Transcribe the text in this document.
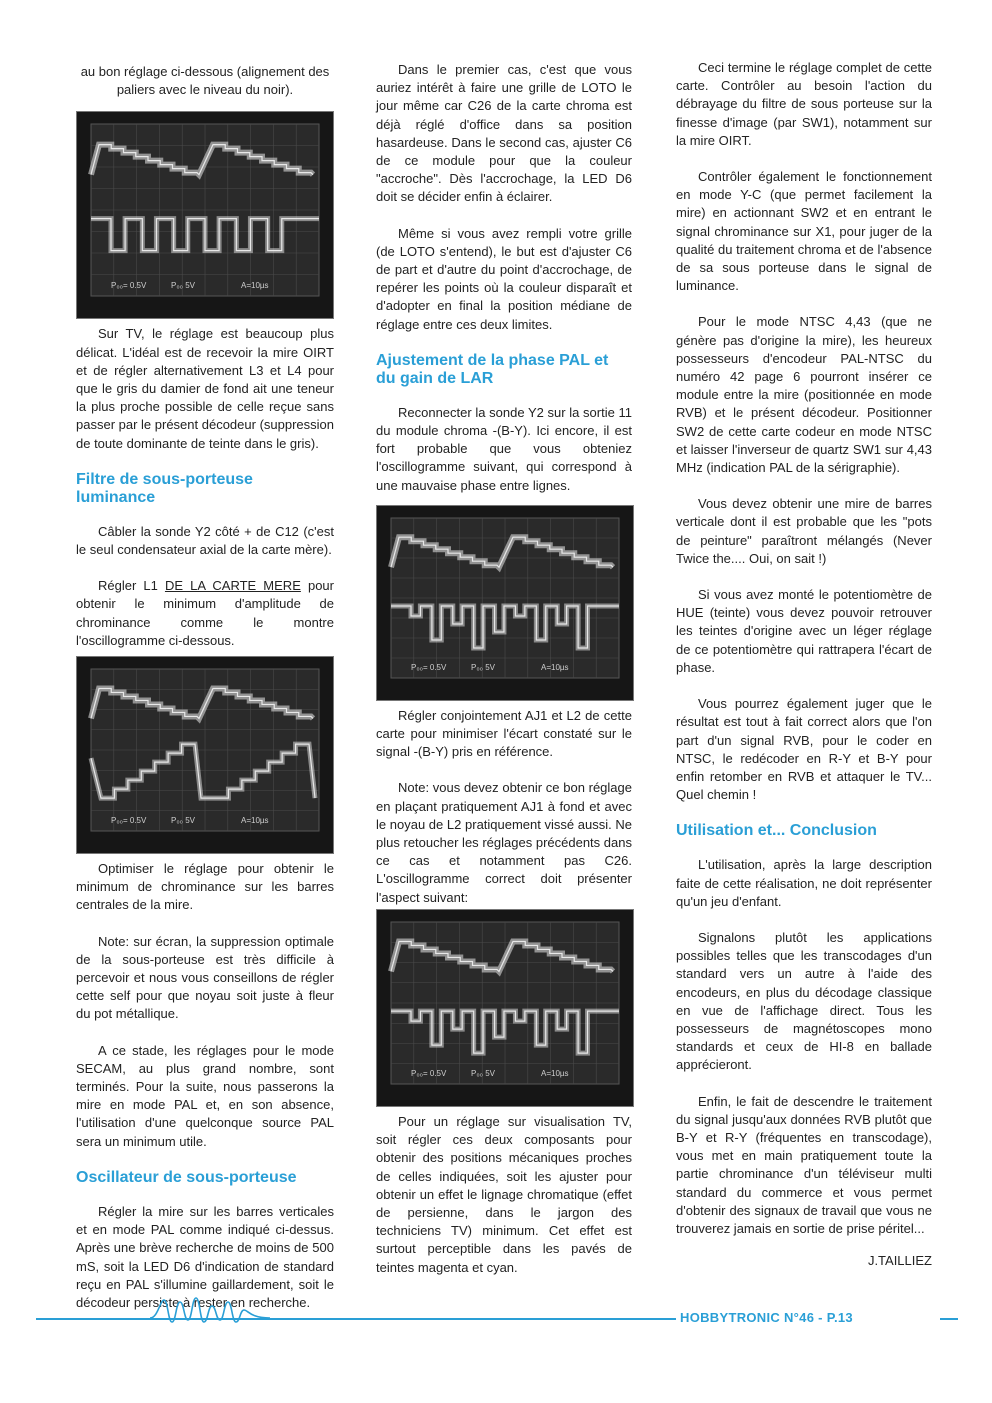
au bon réglage ci-dessous (alignement des paliers avec le niveau du noir).

P₀₀= 0.5V	P₀₀ 5V	A=10µs

Sur TV, le réglage est beaucoup plus délicat. L'idéal est de recevoir la mire OIRT et de régler alternativement L3 et L4 pour que le gris du damier de fond ait une teneur la plus proche possible de celle reçue sans passer par le présent décodeur (suppression de toute dominante de teinte dans le gris).

Filtre de sous-porteuse luminance

Câbler la sonde Y2 côté + de C12 (c'est le seul condensateur axial de la carte mère).

Régler L1 DE LA CARTE MERE pour obtenir le minimum d'amplitude de chrominance comme le montre l'oscillogramme ci-dessous.

P₀₀= 0.5V	P₀₀ 5V	A=10µs

Optimiser le réglage pour obtenir le minimum de chrominance sur les barres centrales de la mire.

Note: sur écran, la suppression optimale de la sous-porteuse est très difficile à percevoir et nous vous conseillons de régler cette self pour que noyau soit juste à fleur du pot métallique.

A ce stade, les réglages pour le mode SECAM, au plus grand nombre, sont terminés. Pour la suite, nous passerons la mire en mode PAL et, en son absence, l'utilisation d'une quelconque source PAL sera un minimum utile.

Oscillateur de sous-porteuse

Régler la mire sur les barres verticales et en mode PAL comme indiqué ci-dessus. Après une brève recherche de moins de 500 mS, soit la LED D6 d'indication de standard reçu en PAL s'illumine gaillardement, soit le décodeur persiste à rester en recherche.

Dans le premier cas, c'est que vous auriez intérêt à faire une grille de LOTO le jour même car C26 de la carte chroma est déjà réglé d'office dans sa position hasardeuse. Dans le second cas, ajuster C6 de ce module pour que la couleur "accroche". Dès l'accrochage, la LED D6 doit se décider enfin à éclairer.

Même si vous avez rempli votre grille (de LOTO s'entend), le but est d'ajuster C6 de part et d'autre du point d'accrochage, de repérer les points où la couleur disparaît et d'adopter en final la position médiane de réglage entre ces deux limites.

Ajustement de la phase PAL et du gain de LAR

Reconnecter la sonde Y2 sur la sortie 11 du module chroma -(B-Y). Ici encore, il est fort probable que vous obteniez l'oscillogramme suivant, qui correspond à une mauvaise phase entre lignes.

P₀₀= 0.5V	P₀₀ 5V	A=10µs

Régler conjointement AJ1 et L2 de cette carte pour minimiser l'écart constaté sur le signal -(B-Y) pris en référence.

Note: vous devez obtenir ce bon réglage en plaçant pratiquement AJ1 à fond et avec le noyau de L2 pratiquement vissé aussi. Ne plus retoucher les réglages précédents dans ce cas et notamment pas C26. L'oscillogramme correct doit présenter l'aspect suivant:

P₀₀= 0.5V	P₀₀ 5V	A=10µs

Pour un réglage sur visualisation TV, soit régler ces deux composants pour obtenir des positions mécaniques proches de celles indiquées, soit les ajuster pour obtenir un effet le lignage chromatique (effet de persienne, dans le jargon des techniciens TV) minimum. Cet effet est surtout perceptible dans les pavés de teintes magenta et cyan.

Ceci termine le réglage complet de cette carte. Contrôler au besoin l'action du débrayage du filtre de sous porteuse sur la finesse d'image (par SW1), notamment sur la mire OIRT.

Contrôler également le fonctionnement en mode Y-C (que permet facilement la mire) en actionnant SW2 et en entrant le signal chrominance sur X1, pour juger de la qualité du traitement chroma et de l'absence de sa sous porteuse dans le signal de luminance.

Pour le mode NTSC 4,43 (que ne génère pas d'origine la mire), les heureux possesseurs d'encodeur PAL-NTSC du numéro 42 page 6 pourront insérer ce module entre la mire (positionnée en mode RVB) et le présent décodeur. Positionner SW2 de cette carte codeur en mode NTSC et laisser l'inverseur de quartz SW1 sur 4,43 MHz (indication PAL de la sérigraphie).

Vous devez obtenir une mire de barres verticale dont il est probable que les "pots de peinture" paraîtront mélangés (Never Twice the.... Oui, on sait !)

Si vous avez monté le potentiomètre de HUE (teinte) vous devez pouvoir retrouver les teintes d'origine avec un léger réglage de ce potentiomètre qui rattrapera l'écart de phase.

Vous pourrez également juger que le résultat est tout à fait correct alors que l'on part d'un signal RVB, pour le coder en NTSC, le redécoder en R-Y et B-Y pour enfin retomber en RVB et attaquer le TV... Quel chemin !

Utilisation et... Conclusion

L'utilisation, après la large description faite de cette réalisation, ne doit représenter qu'un jeu d'enfant.

Signalons plutôt les applications possibles telles que les transcodages d'un standard vers un autre à l'aide des encodeurs, en plus du décodage classique en vue de l'affichage direct. Tous les possesseurs de magnétoscopes mono standards et ceux de HI-8 en ballade apprécieront.

Enfin, le fait de descendre le traitement du signal jusqu'aux données RVB plutôt que B-Y et R-Y (fréquentes en transcodage), vous met en main pratiquement toute la partie chrominance d'un téléviseur multi standard du commerce et vous permet d'obtenir des signaux de travail que vous ne trouverez jamais en sortie de prise péritel...

J.TAILLIEZ
HOBBYTRONIC N°46 - P.13
